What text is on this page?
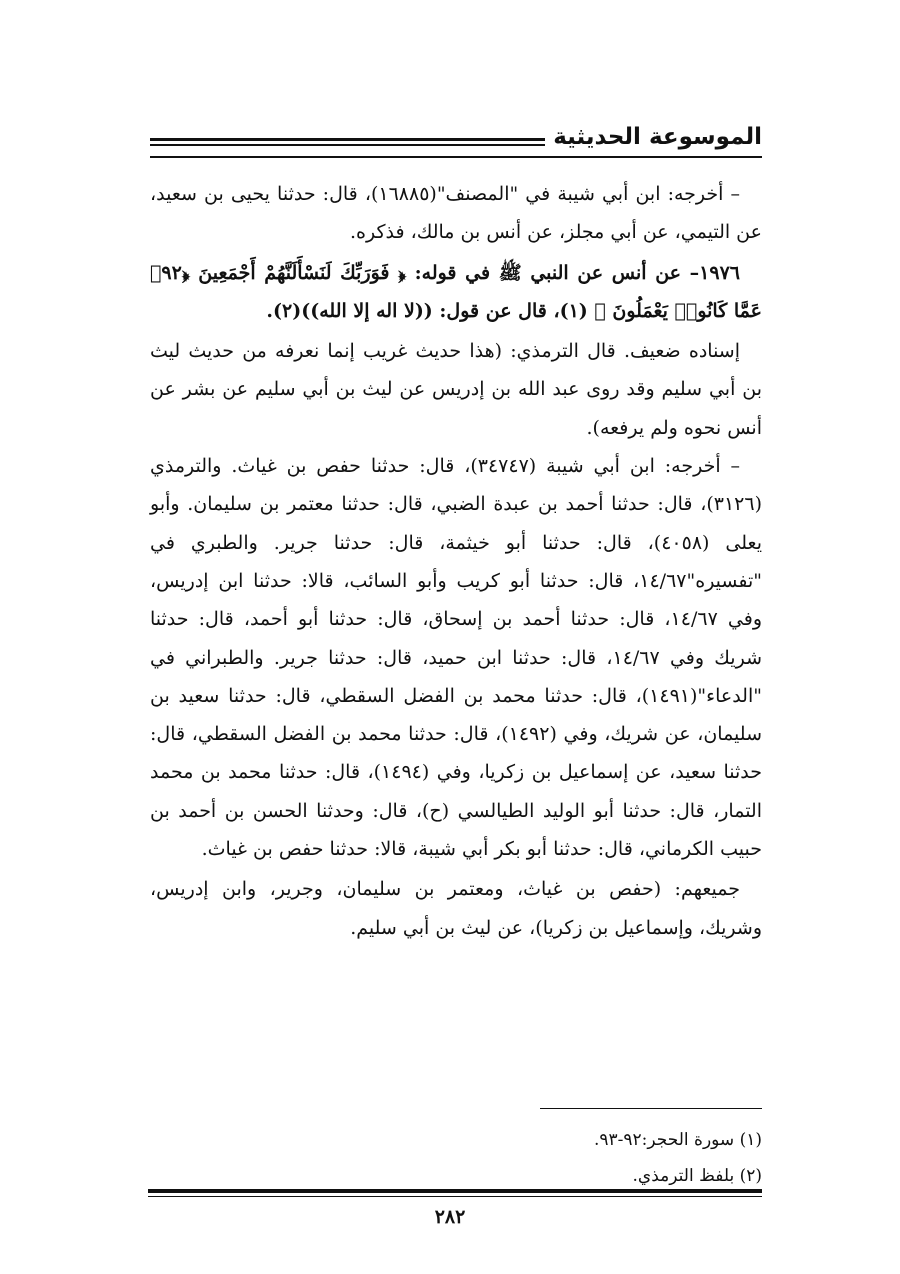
الموسوعة الحديثية

– أخرجه: ابن أبي شيبة في "المصنف"(١٦٨٨٥)، قال: حدثنا يحيى بن سعيد، عن التيمي، عن أبي مجلز، عن أنس بن مالك، فذكره.

١٩٧٦– عن أنس عن النبي ﷺ في قوله: ﴿ فَوَرَبِّكَ لَنَسْأَلَنَّهُمْ أَجْمَعِينَ ﴿٩٢﴾ عَمَّا كَانُوا۟ يَعْمَلُونَ ﴾ (١)، قال عن قول: ((لا اله إلا الله))(٢).

إسناده ضعيف. قال الترمذي: (هذا حديث غريب إنما نعرفه من حديث ليث بن أبي سليم وقد روى عبد الله بن إدريس عن ليث بن أبي سليم عن بشر عن أنس نحوه ولم يرفعه).

– أخرجه: ابن أبي شيبة (٣٤٧٤٧)، قال: حدثنا حفص بن غياث. والترمذي (٣١٢٦)، قال: حدثنا أحمد بن عبدة الضبي، قال: حدثنا معتمر بن سليمان. وأبو يعلى (٤٠٥٨)، قال: حدثنا أبو خيثمة، قال: حدثنا جرير. والطبري في "تفسيره"١٤/٦٧، قال: حدثنا أبو كريب وأبو السائب، قالا: حدثنا ابن إدريس، وفي ١٤/٦٧، قال: حدثنا أحمد بن إسحاق، قال: حدثنا أبو أحمد، قال: حدثنا شريك وفي ١٤/٦٧، قال: حدثنا ابن حميد، قال: حدثنا جرير. والطبراني في "الدعاء"(١٤٩١)، قال: حدثنا محمد بن الفضل السقطي، قال: حدثنا سعيد بن سليمان، عن شريك، وفي (١٤٩٢)، قال: حدثنا محمد بن الفضل السقطي، قال: حدثنا سعيد، عن إسماعيل بن زكريا، وفي (١٤٩٤)، قال: حدثنا محمد بن محمد التمار، قال: حدثنا أبو الوليد الطيالسي (ح)، قال: وحدثنا الحسن بن أحمد بن حبيب الكرماني، قال: حدثنا أبو بكر أبي شيبة، قالا: حدثنا حفص بن غياث.

جميعهم: (حفص بن غياث، ومعتمر بن سليمان، وجرير، وابن إدريس، وشريك، وإسماعيل بن زكريا)، عن ليث بن أبي سليم.

(١) سورة الحجر:٩٢-٩٣.
(٢) بلفظ الترمذي.
٢٨٢
